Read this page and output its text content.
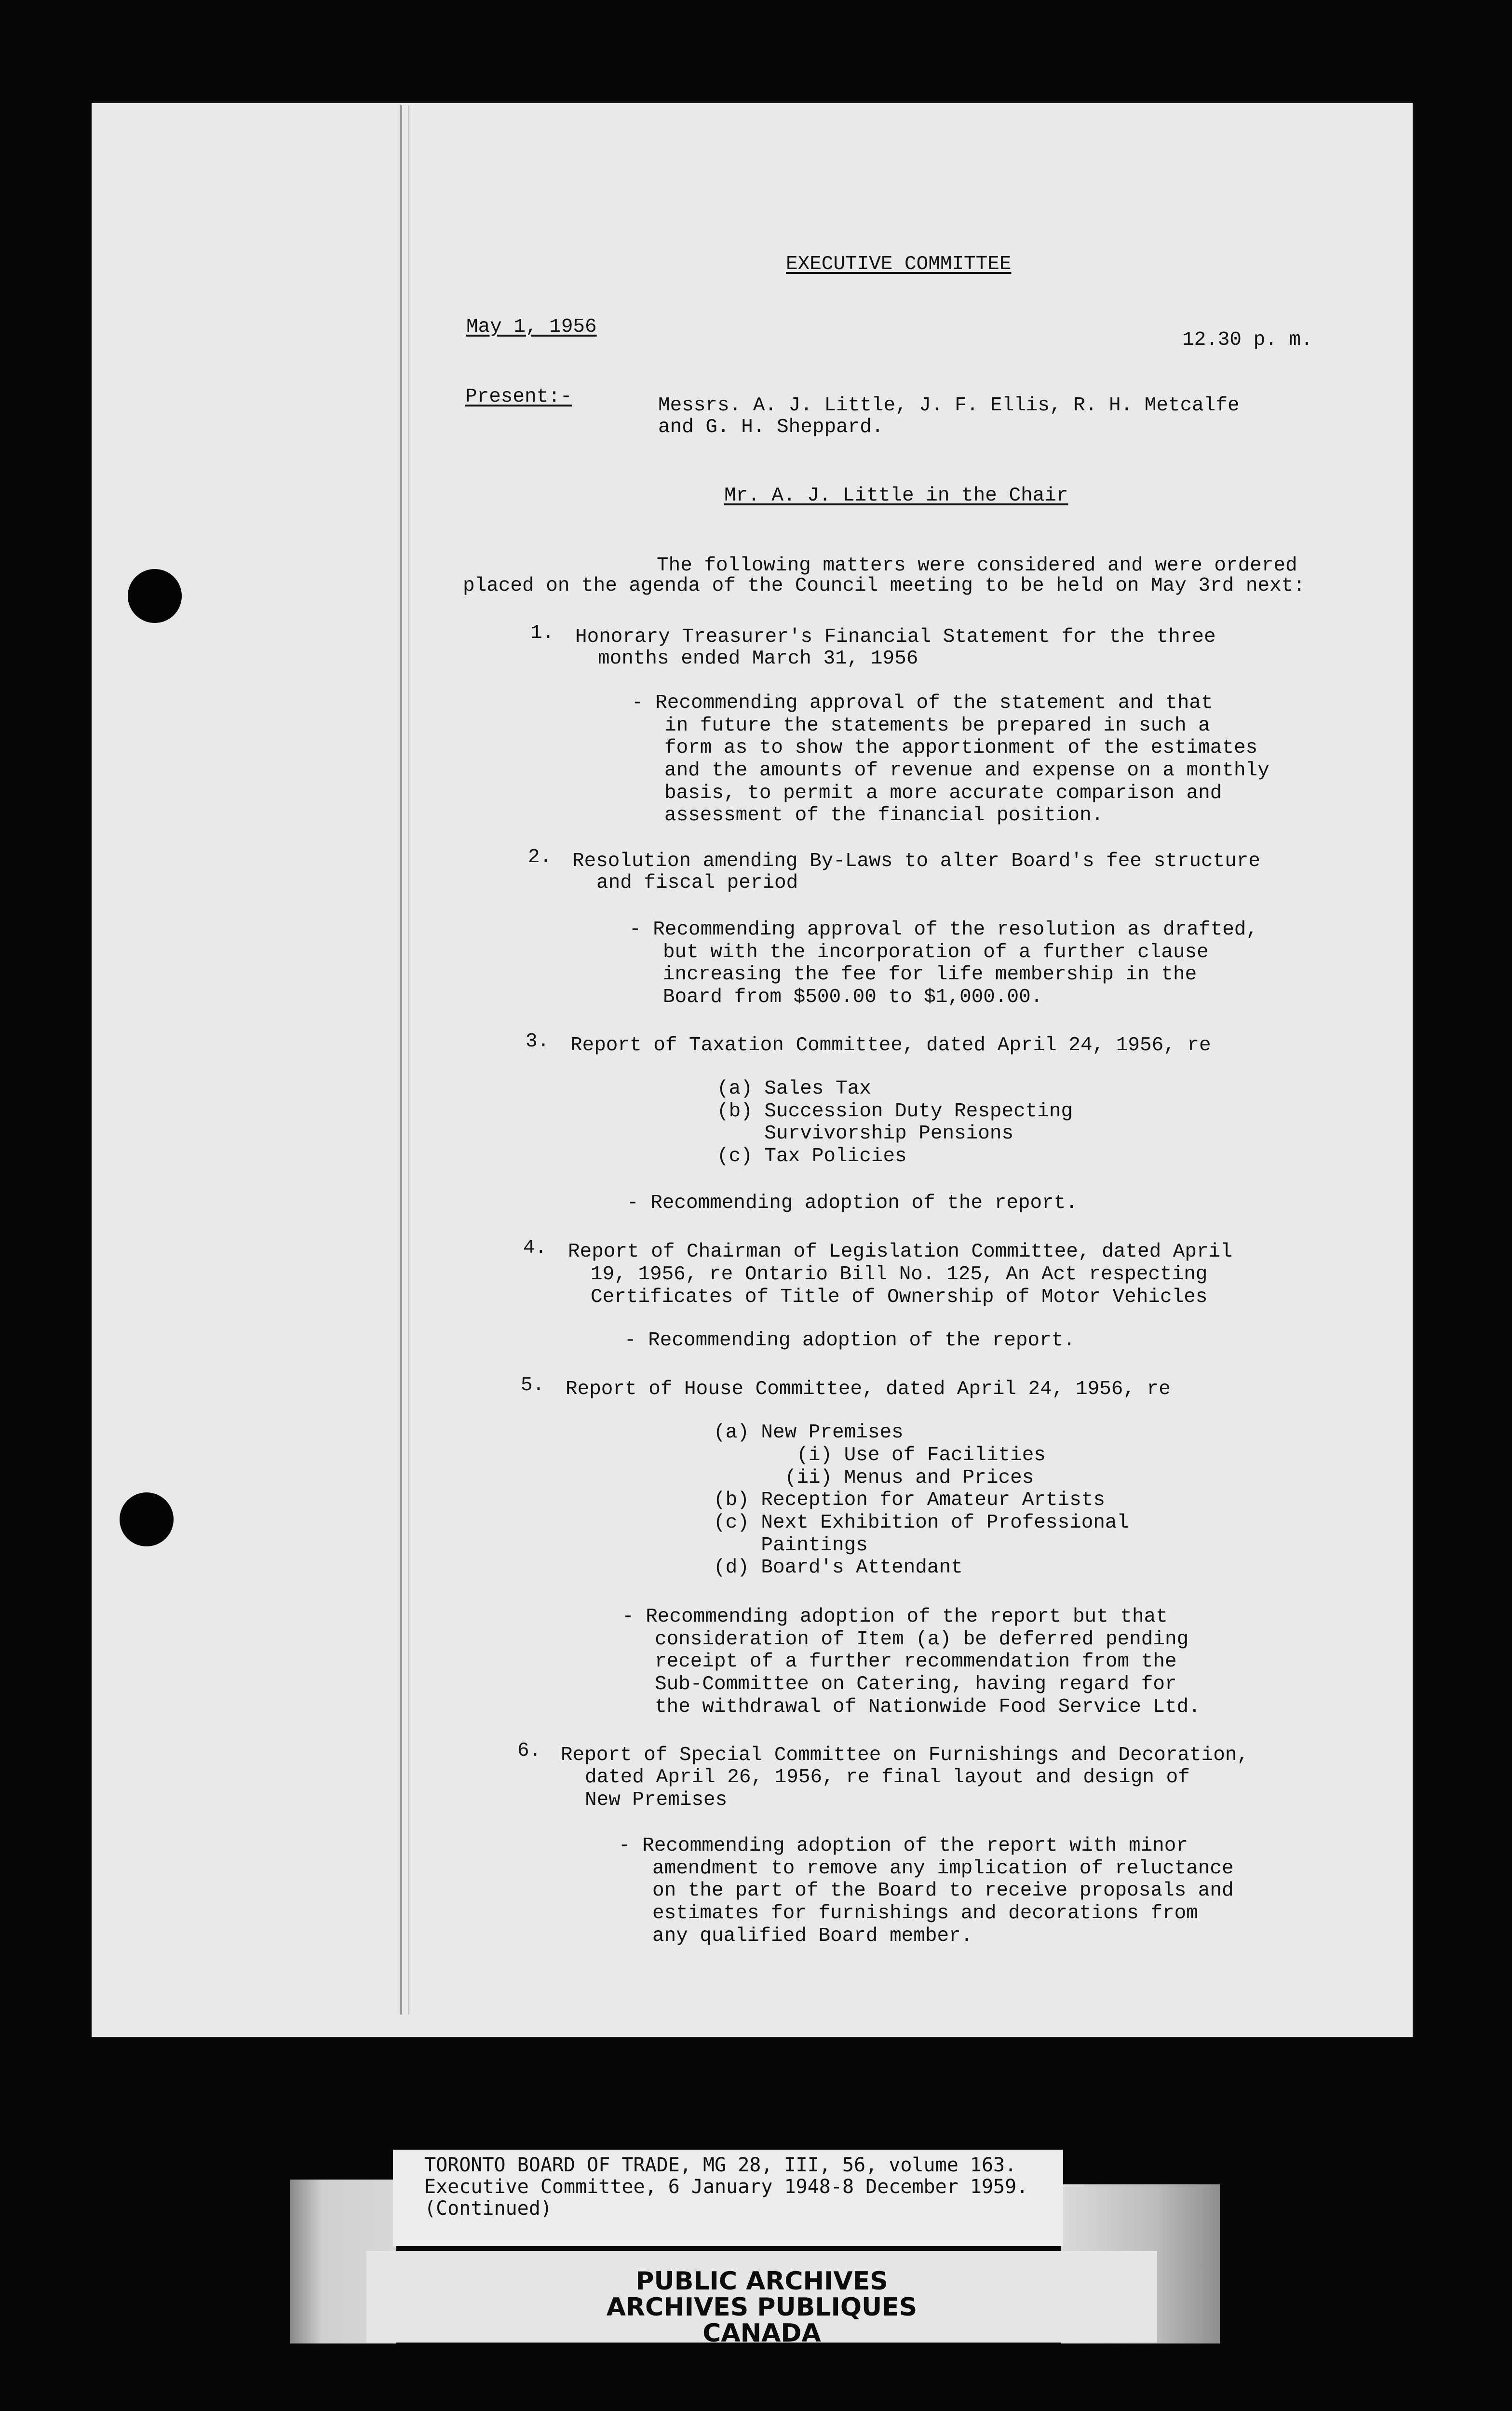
EXECUTIVE COMMITTEE
May 1, 1956
12.30 p. m.
Present:-	Messrs. A. J. Little, J. F. Ellis, R. H. Metcalfe
and G. H. Sheppard.
Mr. A. J. Little in the Chair
The following matters were considered and were ordered
placed on the agenda of the Council meeting to be held on May 3rd next:
1. Honorary Treasurer's Financial Statement for the three
months ended March 31, 1956
- Recommending approval of the statement and that
in future the statements be prepared in such a
form as to show the apportionment of the estimates
and the amounts of revenue and expense on a monthly
basis, to permit a more accurate comparison and
assessment of the financial position.
2. Resolution amending By-Laws to alter Board's fee structure
and fiscal period
- Recommending approval of the resolution as drafted,
but with the incorporation of a further clause
increasing the fee for life membership in the
Board from $500.00 to $1,000.00.
3. Report of Taxation Committee, dated April 24, 1956, re
(a) Sales Tax
(b) Succession Duty Respecting
Survivorship Pensions
(c) Tax Policies
- Recommending adoption of the report.
4. Report of Chairman of Legislation Committee, dated April
19, 1956, re Ontario Bill No. 125, An Act respecting
Certificates of Title of Ownership of Motor Vehicles
- Recommending adoption of the report.
5. Report of House Committee, dated April 24, 1956, re
(a) New Premises
(i) Use of Facilities
(ii) Menus and Prices
(b) Reception for Amateur Artists
(c) Next Exhibition of Professional
Paintings
(d) Board's Attendant
- Recommending adoption of the report but that
consideration of Item (a) be deferred pending
receipt of a further recommendation from the
Sub-Committee on Catering, having regard for
the withdrawal of Nationwide Food Service Ltd.
6. Report of Special Committee on Furnishings and Decoration,
dated April 26, 1956, re final layout and design of
New Premises
- Recommending adoption of the report with minor
amendment to remove any implication of reluctance
on the part of the Board to receive proposals and
estimates for furnishings and decorations from
any qualified Board member.
TORONTO BOARD OF TRADE, MG 28, III, 56, volume 163.
Executive Committee, 6 January 1948-8 December 1959.
(Continued)
PUBLIC ARCHIVES
ARCHIVES PUBLIQUES
CANADA
